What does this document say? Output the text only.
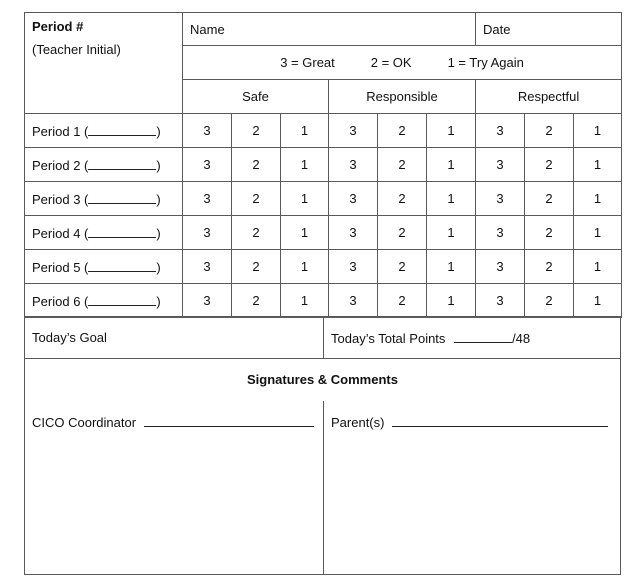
Period #
(Teacher Initial)	Name						Date		

	3 = Great 2 = OK 1 = Try Again								

	Safe			Responsible			Respectful		
Period 1 ( )	3	2	1	3	2	1	3	2	1
Period 2 ( )	3	2	1	3	2	1	3	2	1
Period 3 ( )	3	2	1	3	2	1	3	2	1
Period 4 ( )	3	2	1	3	2	1	3	2	1
Period 5 ( )	3	2	1	3	2	1	3	2	1
Period 6 ( )	3	2	1	3	2	1	3	2	1
Today’s Goal	Today’s Total Points	/48
Signatures & Comments
CICO Coordinator	Parent(s)
